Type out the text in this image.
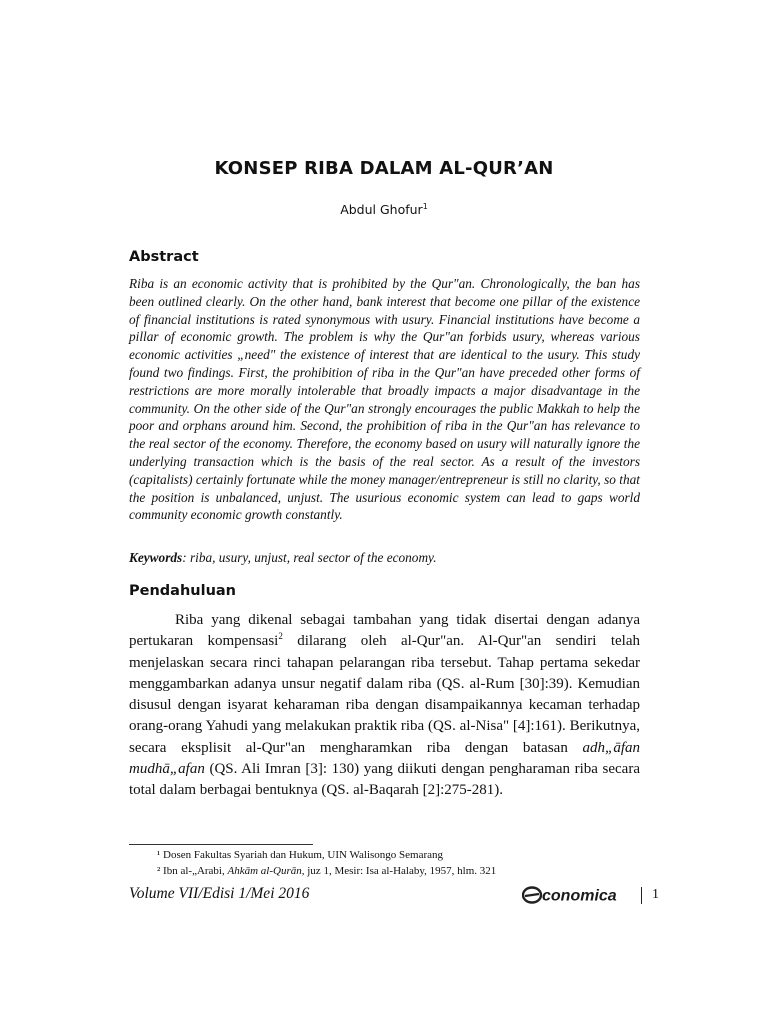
KONSEP RIBA DALAM AL-QUR’AN
Abdul Ghofur$^1$
Abstract
Riba is an economic activity that is prohibited by the Qur"an. Chronologically, the ban has been outlined clearly. On the other hand, bank interest that become one pillar of the existence of financial institutions is rated synonymous with usury. Financial institutions have become a pillar of economic growth. The problem is why the Qur"an forbids usury, whereas various economic activities „need" the existence of interest that are identical to the usury. This study found two findings. First, the prohibition of riba in the Qur"an have preceded other forms of restrictions are more morally intolerable that broadly impacts a major disadvantage in the community. On the other side of the Qur"an strongly encourages the public Makkah to help the poor and orphans around him. Second, the prohibition of riba in the Qur"an has relevance to the real sector of the economy. Therefore, the economy based on usury will naturally ignore the underlying transaction which is the basis of the real sector. As a result of the investors (capitalists) certainly fortunate while the money manager/entrepreneur is still no clarity, so that the position is unbalanced, unjust. The usurious economic system can lead to gaps world community economic growth constantly.
Keywords: riba, usury, unjust, real sector of the economy.
Pendahuluan
Riba yang dikenal sebagai tambahan yang tidak disertai dengan adanya pertukaran kompensasi$^2$ dilarang oleh al-Qur"an. Al-Qur"an sendiri telah menjelaskan secara rinci tahapan pelarangan riba tersebut. Tahap pertama sekedar menggambarkan adanya unsur negatif dalam riba (QS. al-Rum [30]:39). Kemudian disusul dengan isyarat keharaman riba dengan disampaikannya kecaman terhadap orang-orang Yahudi yang melakukan praktik riba (QS. al-Nisa" [4]:161). Berikutnya, secara eksplisit al-Qur"an mengharamkan riba dengan batasan adh„āfan mudhā„afan (QS. Ali Imran [3]: 130) yang diikuti dengan pengharaman riba secara total dalam berbagai bentuknya (QS. al-Baqarah [2]:275-281).
¹ Dosen Fakultas Syariah dan Hukum, UIN Walisongo Semarang
² Ibn al-„Arabi, Ahkām al-Qurān, juz 1, Mesir: Isa al-Halaby, 1957, hlm. 321
Volume VII/Edisi 1/Mei 2016	conomica	1
